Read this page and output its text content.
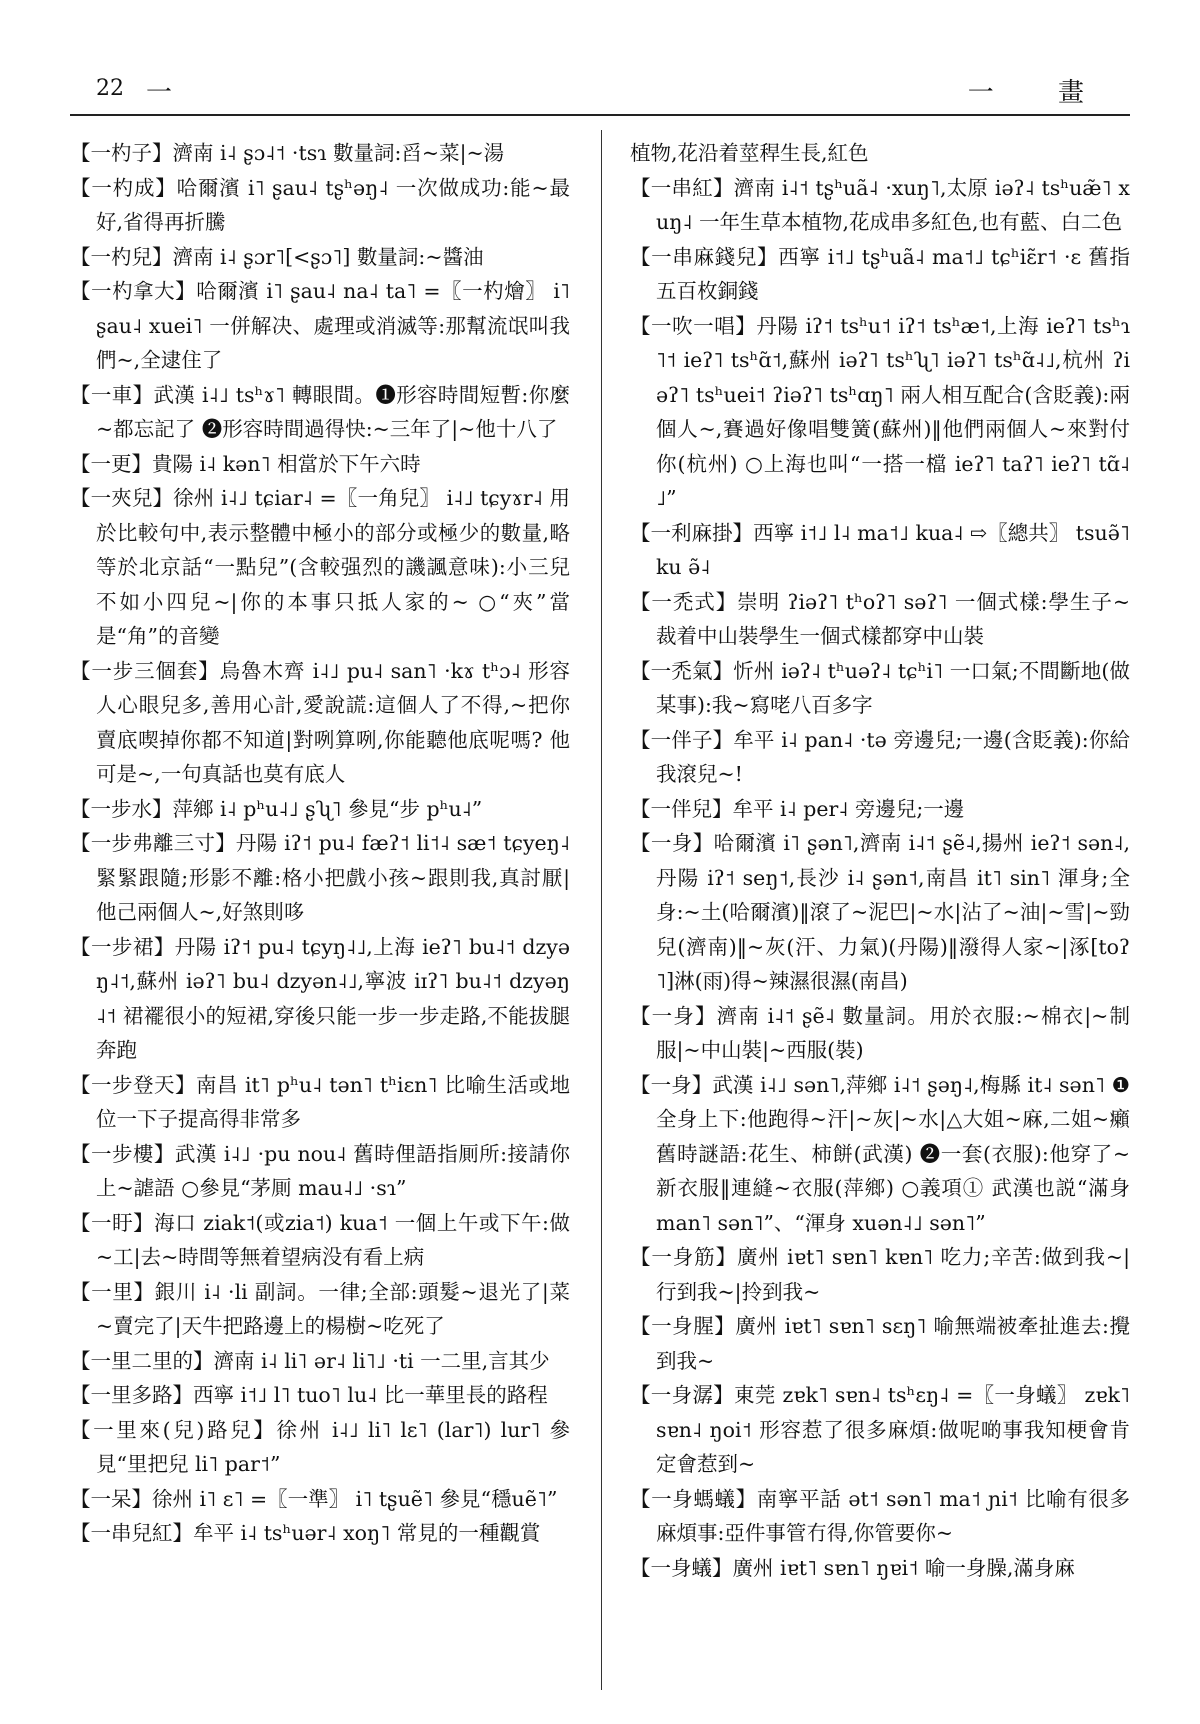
22 一	一 畫

【一杓子】濟南 i˨ ʂɔ˨˦ ·tsɿ 數量詞:舀~菜|~湯

【一杓成】哈爾濱 i˥ ʂau˨ tʂʰəŋ˨ 一次做成功:能~最好,省得再折騰

【一杓兒】濟南 i˨ ʂɔr˥[<ʂɔ˥] 數量詞:~醬油

【一杓拿大】哈爾濱 i˥ ʂau˨ na˨ ta˥ =〖一杓燴〗 i˥ ʂau˨ xuei˥ 一併解决、處理或消滅等:那幫流氓叫我們~,全逮住了

【一車】武漢 i˨˩ tsʰɤ˥ 轉眼間。❶形容時間短暫:你麼~都忘記了 ❷形容時間過得快:~三年了|~他十八了

【一更】貴陽 i˨ kən˥ 相當於下午六時

【一夾兒】徐州 i˨˩ tɕiar˨ =〖一角兒〗 i˨˩ tɕyɤr˨ 用於比較句中,表示整體中極小的部分或極少的數量,略等於北京話“一點兒”(含較强烈的譏諷意味):小三兒不如小四兒~|你的本事只抵人家的~ ○“夾”當是“角”的音變

【一步三個套】烏魯木齊 i˨˩ pu˨ san˥ ·kɤ tʰɔ˨ 形容人心眼兒多,善用心計,愛說謊:這個人了不得,~把你賣底喫掉你都不知道|對咧算咧,你能聽他底呢嗎? 他可是~,一句真話也莫有底人

【一步水】萍鄉 i˨ pʰu˨˩ ʂʯ˥ 參見“步 pʰu˨”

【一步弗離三寸】丹陽 iʔ˦ pu˨ fæʔ˦ li˦˨ sæ˦ tɕyeŋ˨ 緊緊跟隨;形影不離:格小把戲小孩~跟則我,真討厭|他己兩個人~,好煞則哆

【一步裙】丹陽 iʔ˦ pu˨ tɕyŋ˨˩,上海 ieʔ˥ bu˨˦ dzyəŋ˨˦,蘇州 iəʔ˥ bu˨ dzyən˨˩,寧波 iɪʔ˥ bu˨˦ dzyəŋ˨˦ 裙襬很小的短裙,穿後只能一步一步走路,不能拔腿奔跑

【一步登天】南昌 it˥ pʰu˨ tən˥ tʰiɛn˥ 比喻生活或地位一下子提高得非常多

【一步樓】武漢 i˨˩ ·pu nou˨ 舊時俚語指厠所:接請你上~謔語 ○參見“茅厠 mau˨˩ ·sɿ”

【一盱】海口 ziak˦(或zia˦) kua˦ 一個上午或下午:做~工|去~時間等無着望病没有看上病

【一里】銀川 i˨ ·li 副詞。一律;全部:頭髮~退光了|菜~賣完了|天牛把路邊上的楊樹~吃死了

【一里二里的】濟南 i˨ li˥ ər˨ li˥˩ ·ti 一二里,言其少

【一里多路】西寧 i˦˩ l˥ tuo˥ lu˨ 比一華里長的路程

【一里來(兒)路兒】徐州 i˨˩ li˥ lɛ˥ (lar˥) lur˥ 參見“里把兒 li˥ par˦”

【一呆】徐州 i˥ ɛ˥ =〖一準〗 i˥ tʂuẽ˥ 參見“穩uẽ˥”

【一串兒紅】牟平 i˨ tsʰuər˨ xoŋ˥ 常見的一種觀賞

植物,花沿着莖稈生長,紅色

【一串紅】濟南 i˨˦ tʂʰuã˨ ·xuŋ˥,太原 iəʔ˨ tsʰuæ̃˥ xuŋ˨ 一年生草本植物,花成串多紅色,也有藍、白二色

【一串麻錢兒】西寧 i˦˩ tʂʰuã˨ ma˦˩ tɕʰiɛ̃r˦ ·ɛ 舊指五百枚銅錢

【一吹一唱】丹陽 iʔ˦ tsʰu˦ iʔ˦ tsʰæ˦,上海 ieʔ˥ tsʰɿ˥˦ ieʔ˥ tsʰɑ̃˦,蘇州 iəʔ˥ tsʰʯ˥ iəʔ˥ tsʰɑ̃˨˩,杭州 ʔiəʔ˥ tsʰuei˦ ʔiəʔ˥ tsʰɑŋ˥ 兩人相互配合(含貶義):兩個人~,賽過好像唱雙簧(蘇州)‖他們兩個人~來對付你(杭州) ○上海也叫“一搭一檔 ieʔ˥ taʔ˥ ieʔ˥ tɑ̃˨˩”

【一利麻掛】西寧 i˦˩ l˨ ma˦˩ kua˨ ⇨〖總共〗 tsuə̃˥ ku ə̃˨

【一禿式】崇明 ʔiəʔ˥ tʰoʔ˥ səʔ˥ 一個式樣:學生子~裁着中山裝學生一個式樣都穿中山裝

【一禿氣】忻州 iəʔ˨ tʰuəʔ˨ tɕʰi˥ 一口氣;不間斷地(做某事):我~寫咾八百多字

【一伴子】牟平 i˨ pan˨ ·tə 旁邊兒;一邊(含貶義):你給我滾兒~!

【一伴兒】牟平 i˨ per˨ 旁邊兒;一邊

【一身】哈爾濱 i˥ ʂən˥,濟南 i˨˦ ʂẽ˨,揚州 ieʔ˦ sən˨,丹陽 iʔ˦ seŋ˦,長沙 i˨ ʂən˦,南昌 it˥ sin˥ 渾身;全身:~土(哈爾濱)‖滾了~泥巴|~水|沾了~油|~雪|~勁兒(濟南)‖~灰(汗、力氣)(丹陽)‖潑得人家~|涿[toʔ˥]淋(雨)得~辣濕很濕(南昌)

【一身】濟南 i˨˦ ʂẽ˨ 數量詞。用於衣服:~棉衣|~制服|~中山裝|~西服(裝)

【一身】武漢 i˨˩ sən˥,萍鄉 i˨˦ ʂəŋ˨,梅縣 it˨ sən˥ ❶ 全身上下:他跑得~汗|~灰|~水|△大姐~麻,二姐~癩舊時謎語:花生、柿餅(武漢) ❷一套(衣服):他穿了~新衣服‖連縫~衣服(萍鄉) ○義項① 武漢也説“滿身 man˥ sən˥”、“渾身 xuən˨˩ sən˥”

【一身筋】廣州 iɐt˥ sɐn˥ kɐn˥ 吃力;辛苦:做到我~|行到我~|拎到我~

【一身腥】廣州 iɐt˥ sɐn˥ sɛŋ˥ 喻無端被牽扯進去:攪到我~

【一身潺】東莞 zɐk˥ sɐn˨ tsʰɛŋ˨ =〖一身蟻〗 zɐk˥ sɐn˨ ŋoi˦ 形容惹了很多麻煩:做呢啲事我知梗會肯定會惹到~

【一身螞蟻】南寧平話 ət˦ sən˥ ma˦ ɲi˦ 比喻有很多麻煩事:亞件事管冇得,你管要你~

【一身蟻】廣州 iɐt˥ sɐn˥ ŋɐi˦ 喻一身臊,滿身麻
